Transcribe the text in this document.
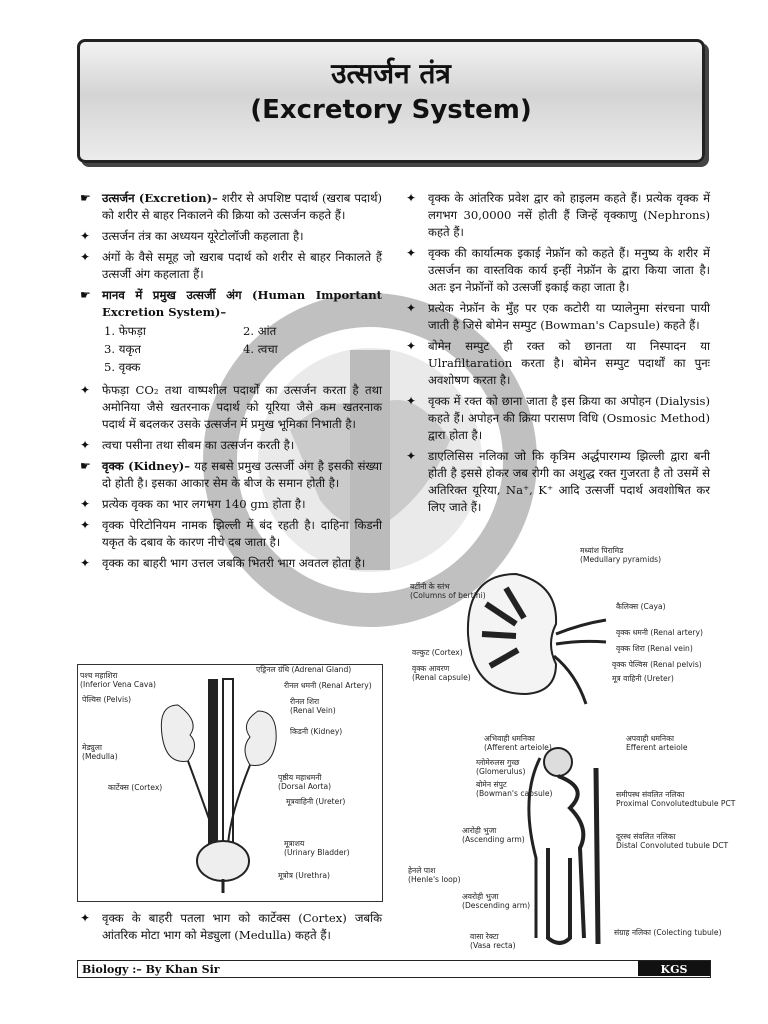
उत्सर्जन तंत्र
(Excretory System)
☛ उत्सर्जन (Excretion)– शरीर से अपशिष्ट पदार्थ (खराब पदार्थ) को शरीर से बाहर निकालने की क्रिया को उत्सर्जन कहते हैं।
✦ उत्सर्जन तंत्र का अध्ययन यूरेटोलॉजी कहलाता है।
✦ अंगों के वैसे समूह जो खराब पदार्थ को शरीर से बाहर निकालते हैं उत्सर्जी अंग कहलाता हैं।
☛ मानव में प्रमुख उत्सर्जी अंग (Human Important Excretion System)–
1. फेफड़ा	2. आंत
3. यकृत	4. त्वचा
5. वृक्क
✦ फेफड़ा CO₂ तथा वाष्पशील पदार्थों का उत्सर्जन करता है तथा अमोनिया जैसे खतरनाक पदार्थ को यूरिया जैसे कम खतरनाक पदार्थ में बदलकर उसके उत्सर्जन में प्रमुख भूमिका निभाती है।
✦ त्वचा पसीना तथा सीबम का उत्सर्जन करती है।
☛ वृक्क (Kidney)– यह सबसे प्रमुख उत्सर्जी अंग है इसकी संख्या दो होती है। इसका आकार सेम के बीज के समान होती है।
✦ प्रत्येक वृक्क का भार लगभग 140 gm होता है।
✦ वृक्क पेरिटोनियम नामक झिल्ली में बंद रहती है। दाहिना किडनी यकृत के दबाव के कारण नीचे दब जाता है।
✦ वृक्क का बाहरी भाग उत्तल जबकि भितरी भाग अवतल होता है।
✦ वृक्क के आंतरिक प्रवेश द्वार को हाइलम कहते हैं। प्रत्येक वृक्क में लगभग 30,0000 नसें होती हैं जिन्हें वृक्काणु (Nephrons) कहते हैं।
✦ वृक्क की कार्यात्मक इकाई नेफ्रॉन को कहते हैं। मनुष्य के शरीर में उत्सर्जन का वास्तविक कार्य इन्हीं नेफ्रॉन के द्वारा किया जाता है। अतः इन नेफ्रॉनों को उत्सर्जी इकाई कहा जाता है।
✦ प्रत्येक नेफ्रॉन के मुँह पर एक कटोरी या प्यालेनुमा संरचना पायी जाती है जिसे बोमेन सम्पुट (Bowman's Capsule) कहते हैं।
✦ बोमेन सम्पुट ही रक्त को छानता या निस्पादन या Ulrafiltaration करता है। बोमेन सम्पुट पदार्थों का पुनः अवशोषण करता है।
✦ वृक्क में रक्त को छाना जाता है इस क्रिया का अपोहन (Dialysis) कहते हैं। अपोहन की क्रिया परासण विधि (Osmosic Method) द्वारा होता है।
✦ डाएलिसिस नलिका जो कि कृत्रिम अर्द्धपारगम्य झिल्ली द्वारा बनी होती है इससे होकर जब रोगी का अशुद्ध रक्त गुजरता है तो उसमें से अतिरिक्त यूरिया, Na⁺, K⁺ आदि उत्सर्जी पदार्थ अवशोषित कर लिए जाते हैं।
पश्च महाशिरा
(Inferior Vena Cava)
पेल्विस (Pelvis)
मेड्युला
(Medulla)
कार्टेक्स (Cortex)
एड्रिनल ग्रंथि (Adrenal Gland)
रीनल धमनी (Renal Artery)
रीनल शिरा
(Renal Vein)
किडनी (Kidney)
पृष्ठीय महाधमनी
(Dorsal Aorta)
मूत्रवाहिनी (Ureter)
मूत्राशय
(Urinary Bladder)
मूत्रोत्र (Urethra)
मध्यांश पिरामिड
(Medullary pyramids)
बर्टीनी के स्तंभ
(Columns of bertini)
कैलिक्स (Caya)
वृक्क धमनी (Renal artery)
वृक्क शिरा (Renal vein)
वल्कुट (Cortex)
वृक्क आवरण
(Renal capsule)
वृक्क पेल्विस (Renal pelvis)
मूत्र वाहिनी (Ureter)
अभिवाही धमनिका
(Afferent arteiole)
ग्लोमेरुलस गुच्छ
(Glomerulus)
बोमेन संपुट
(Bowman's capsule)
अपवाही धमनिका
Efferent arteiole
समीपस्थ संवलित नलिका
Proximal Convolutedtubule PCT
दूरस्थ संवलित नलिका
Distal Convoluted tubule DCT
आरोही भुजा
(Ascending arm)
हेनले पाश
(Henle's loop)
अवरोही भुजा
(Descending arm)
वासा रेक्टा
(Vasa recta)
संग्राह नलिका (Colecting tubule)
✦ वृक्क के बाहरी पतला भाग को कार्टेक्स (Cortex) जबकि आंतरिक मोटा भाग को मेड्युला (Medulla) कहते हैं।
Biology :– By Khan Sir	KGS
